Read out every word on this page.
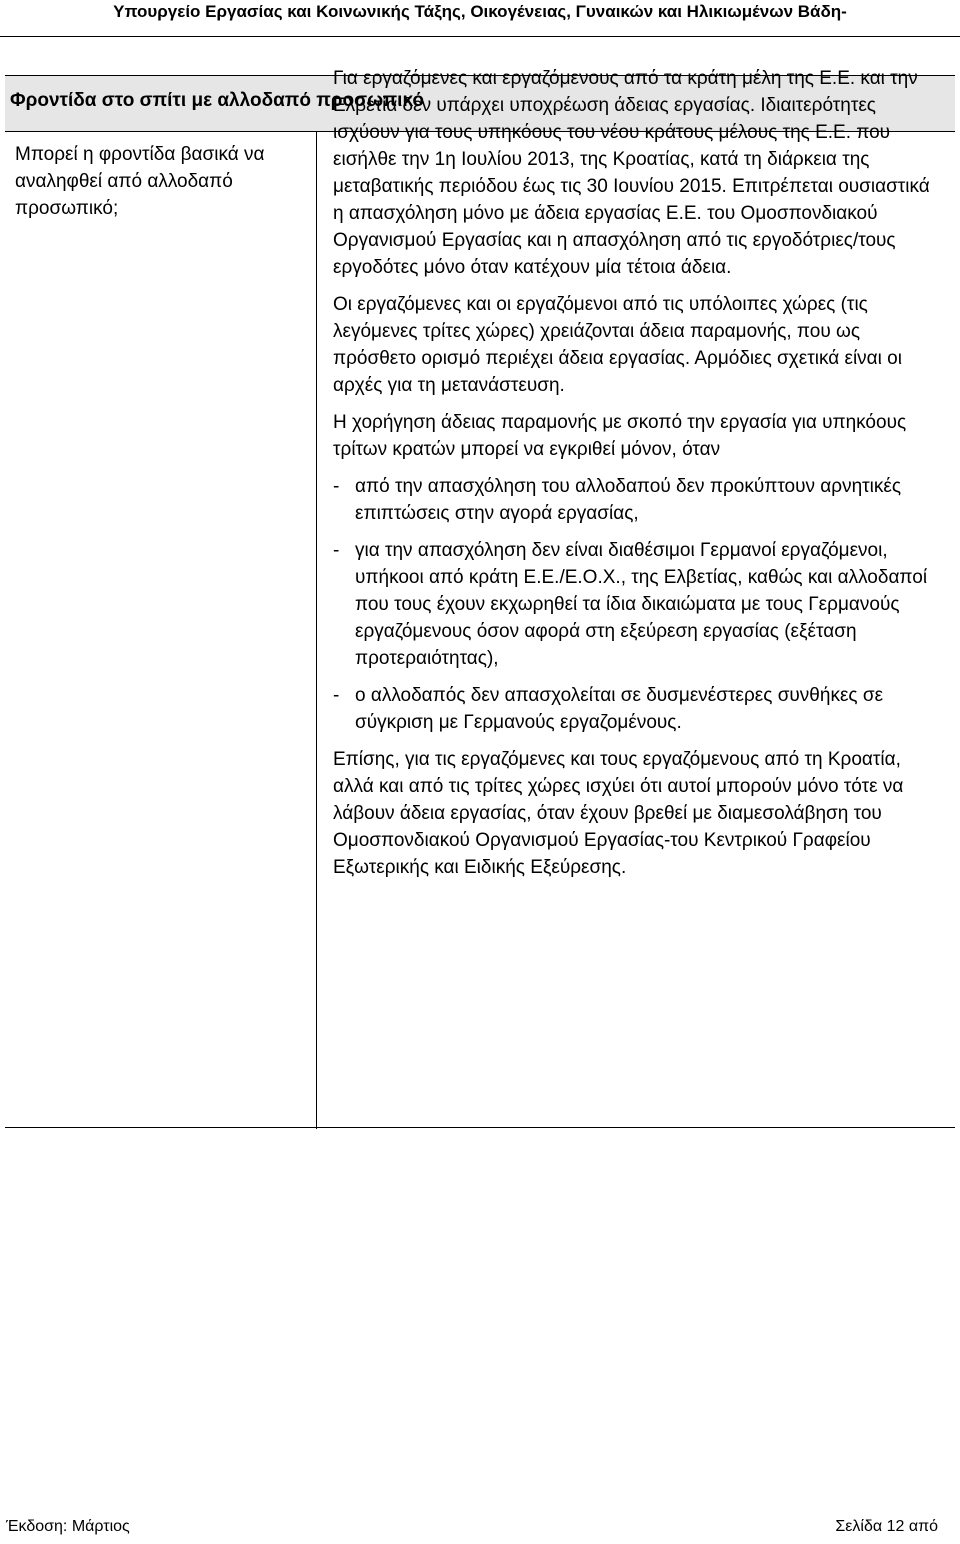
Υπουργείο Εργασίας και Κοινωνικής Τάξης, Οικογένειας, Γυναικών και Ηλικιωμένων Βάδη-
Φροντίδα στο σπίτι με αλλοδαπό προσωπικό
Μπορεί η φροντίδα βασικά να αναληφθεί από αλλοδαπό προσωπικό;

Για εργαζόμενες και εργαζόμενους από τα κράτη μέλη της Ε.Ε. και την Ελβετία δεν υπάρχει υποχρέωση άδειας εργασίας. Ιδιαιτερότητες ισχύουν για τους υπηκόους του νέου κράτους μέλους της Ε.Ε. που εισήλθε την 1η Ιουλίου 2013, της Κροατίας, κατά τη διάρκεια της μεταβατικής περιόδου έως τις 30 Ιουνίου 2015. Επιτρέπεται ουσιαστικά η απασχόληση μόνο με άδεια εργασίας Ε.Ε. του Ομοσπονδιακού Οργανισμού Εργασίας και η απασχόληση από τις εργοδότριες/τους εργοδότες μόνο όταν κατέχουν μία τέτοια άδεια.

Οι εργαζόμενες και οι εργαζόμενοι από τις υπόλοιπες χώρες (τις λεγόμενες τρίτες χώρες) χρειάζονται άδεια παραμονής, που ως πρόσθετο ορισμό περιέχει άδεια εργασίας. Αρμόδιες σχετικά είναι οι αρχές για τη μετανάστευση.

Η χορήγηση άδειας παραμονής με σκοπό την εργασία για υπηκόους τρίτων κρατών μπορεί να εγκριθεί μόνον, όταν

- από την απασχόληση του αλλοδαπού δεν προκύπτουν αρνητικές επιπτώσεις στην αγορά εργασίας,
- για την απασχόληση δεν είναι διαθέσιμοι Γερμανοί εργαζόμενοι, υπήκοοι από κράτη Ε.Ε./Ε.Ο.Χ., της Ελβετίας, καθώς και αλλοδαποί που τους έχουν εκχωρηθεί τα ίδια δικαιώματα με τους Γερμανούς εργαζόμενους όσον αφορά στη εξεύρεση εργασίας (εξέταση προτεραιότητας),
- ο αλλοδαπός δεν απασχολείται σε δυσμενέστερες συνθήκες σε σύγκριση με Γερμανούς εργαζομένους.

Επίσης, για τις εργαζόμενες και τους εργαζόμενους από τη Κροατία, αλλά και από τις τρίτες χώρες ισχύει ότι αυτοί μπορούν μόνο τότε να λάβουν άδεια εργασίας, όταν έχουν βρεθεί με διαμεσολάβηση του Ομοσπονδιακού Οργανισμού Εργασίας-του Κεντρικού Γραφείου Εξωτερικής και Ειδικής Εξεύρεσης.

Έκδοση: Μάρτιος	Σελίδα 12 από
